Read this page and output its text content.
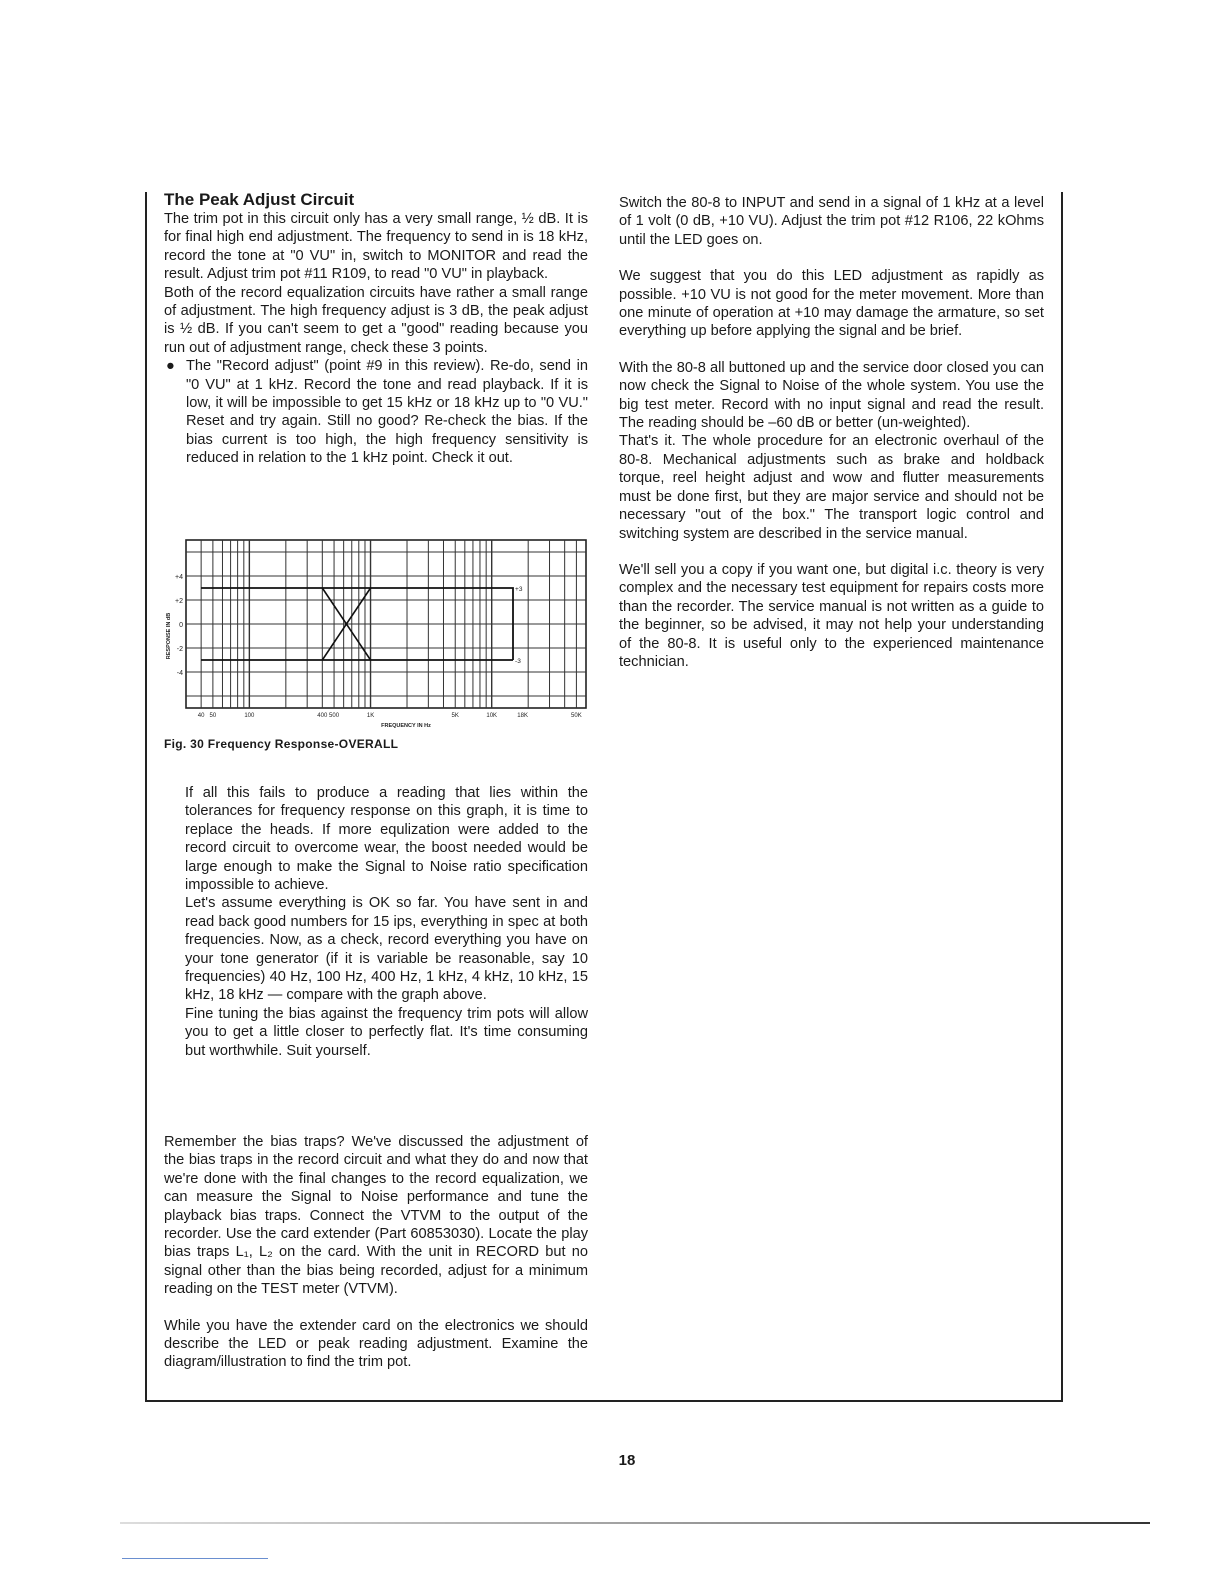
The Peak Adjust Circuit

The trim pot in this circuit only has a very small range, ½ dB. It is for final high end adjustment. The frequency to send in is 18 kHz, record the tone at "0 VU" in, switch to MONITOR and read the result. Adjust trim pot #11 R109, to read "0 VU" in playback.

Both of the record equalization circuits have rather a small range of adjustment. The high frequency adjust is 3 dB, the peak adjust is ½ dB. If you can't seem to get a "good" reading because you run out of adjustment range, check these 3 points.

● The "Record adjust" (point #9 in this review). Re-do, send in "0 VU" at 1 kHz. Record the tone and read playback. If it is low, it will be impossible to get 15 kHz or 18 kHz up to "0 VU." Reset and try again. Still no good? Re-check the bias. If the bias current is too high, the high frequency sensitivity is reduced in relation to the 1 kHz point. Check it out.

+4
+2
0
-2
-4
40 50	100	400 500	1K	5K	10K	18K	50K
FREQUENCY IN Hz
RESPONSE IN dB
+3
-3
Fig. 30 Frequency Response-OVERALL

If all this fails to produce a reading that lies within the tolerances for frequency response on this graph, it is time to replace the heads. If more equlization were added to the record circuit to overcome wear, the boost needed would be large enough to make the Signal to Noise ratio specification impossible to achieve.

Let's assume everything is OK so far. You have sent in and read back good numbers for 15 ips, everything in spec at both frequencies. Now, as a check, record everything you have on your tone generator (if it is variable be reasonable, say 10 frequencies) 40 Hz, 100 Hz, 400 Hz, 1 kHz, 4 kHz, 10 kHz, 15 kHz, 18 kHz — compare with the graph above.

Fine tuning the bias against the frequency trim pots will allow you to get a little closer to perfectly flat. It's time consuming but worthwhile. Suit yourself.

Remember the bias traps? We've discussed the adjustment of the bias traps in the record circuit and what they do and now that we're done with the final changes to the record equalization, we can measure the Signal to Noise performance and tune the playback bias traps. Connect the VTVM to the output of the recorder. Use the card extender (Part 60853030). Locate the play bias traps L₁, L₂ on the card. With the unit in RECORD but no signal other than the bias being recorded, adjust for a minimum reading on the TEST meter (VTVM).

While you have the extender card on the electronics we should describe the LED or peak reading adjustment. Examine the diagram/illustration to find the trim pot.

Switch the 80-8 to INPUT and send in a signal of 1 kHz at a level of 1 volt (0 dB, +10 VU). Adjust the trim pot #12 R106, 22 kOhms until the LED goes on.

We suggest that you do this LED adjustment as rapidly as possible. +10 VU is not good for the meter movement. More than one minute of operation at +10 may damage the armature, so set everything up before applying the signal and be brief.

With the 80-8 all buttoned up and the service door closed you can now check the Signal to Noise of the whole system. You use the big test meter. Record with no input signal and read the result. The reading should be –60 dB or better (un-weighted).

That's it. The whole procedure for an electronic overhaul of the 80-8. Mechanical adjustments such as brake and holdback torque, reel height adjust and wow and flutter measurements must be done first, but they are major service and should not be necessary "out of the box." The transport logic control and switching system are described in the service manual.

We'll sell you a copy if you want one, but digital i.c. theory is very complex and the necessary test equipment for repairs costs more than the recorder. The service manual is not written as a guide to the beginner, so be advised, it may not help your understanding of the 80-8. It is useful only to the experienced maintenance technician.

18
